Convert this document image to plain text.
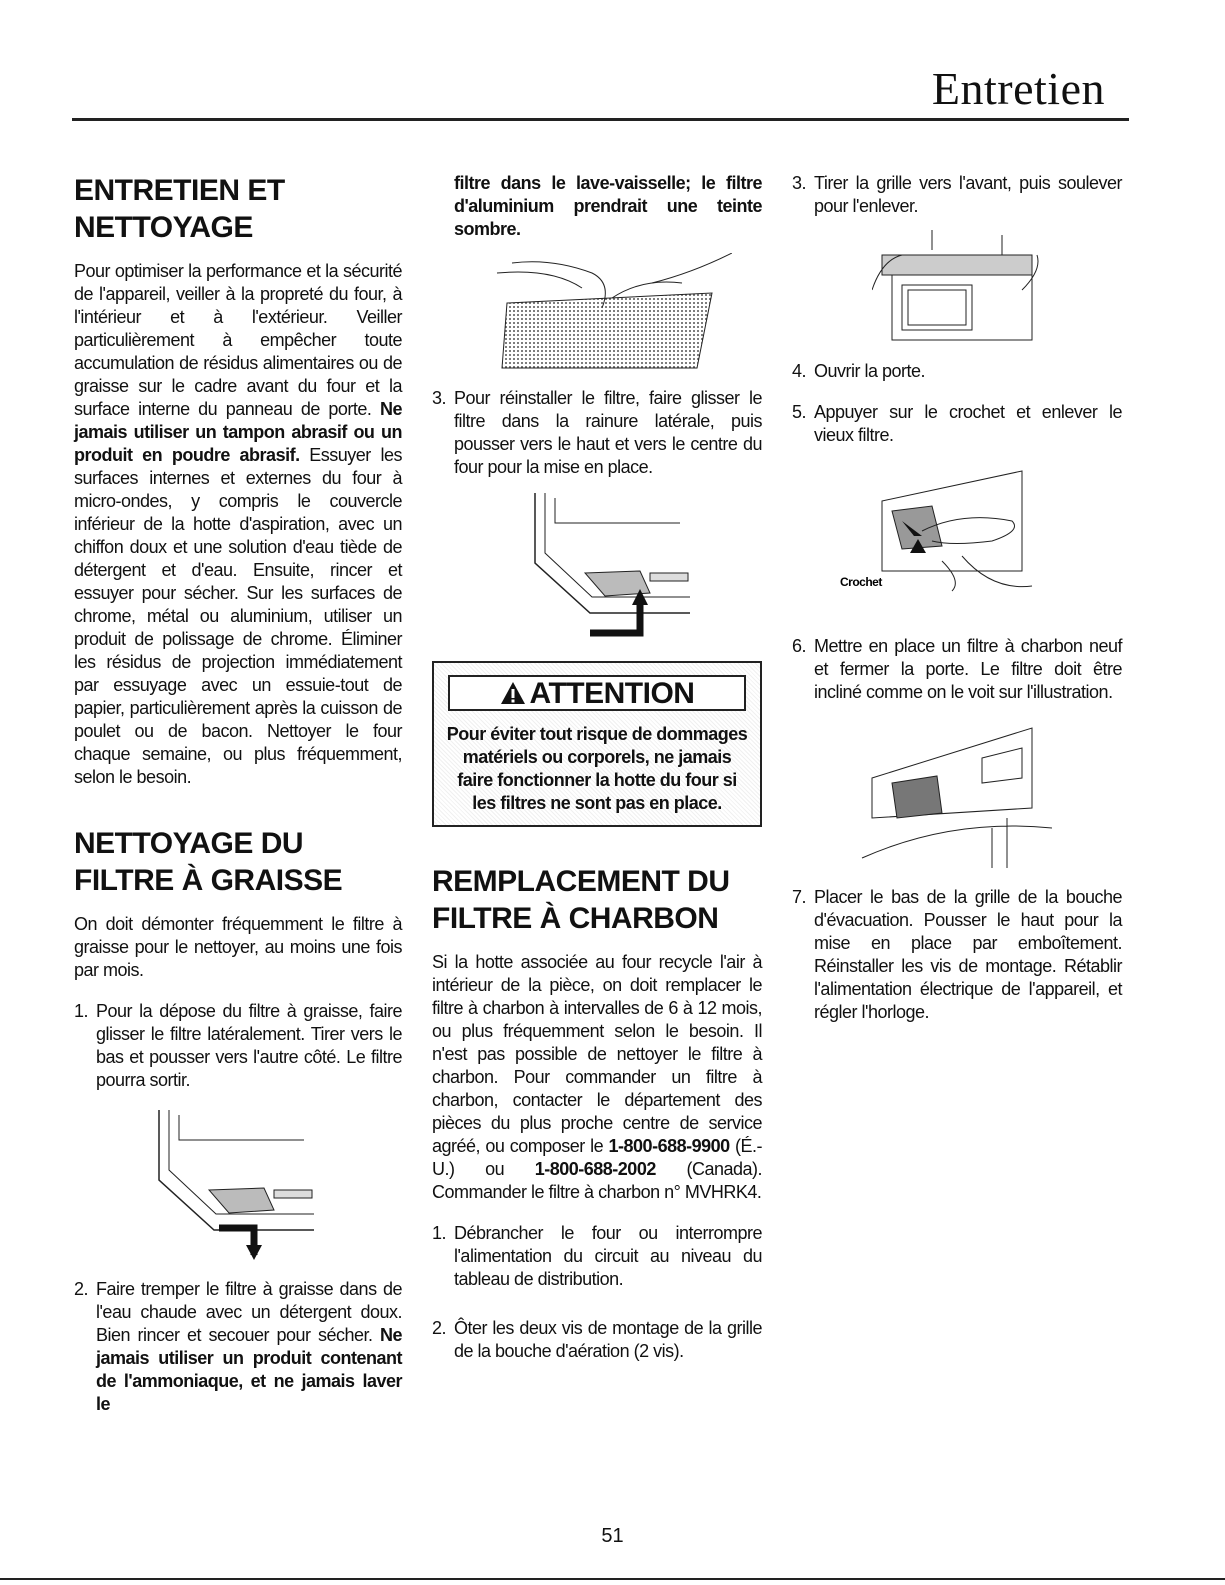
Entretien
ENTRETIEN ET NETTOYAGE

Pour optimiser la performance et la sécurité de l'appareil, veiller à la propreté du four, à l'intérieur et à l'extérieur. Veiller particulièrement à empêcher toute accumulation de résidus alimentaires ou de graisse sur le cadre avant du four et la surface interne du panneau de porte. Ne jamais utiliser un tampon abrasif ou un produit en poudre abrasif. Essuyer les surfaces internes et externes du four à micro-ondes, y compris le couvercle inférieur de la hotte d'aspiration, avec un chiffon doux et une solution d'eau tiède de détergent et d'eau. Ensuite, rincer et essuyer pour sécher. Sur les surfaces de chrome, métal ou aluminium, utiliser un produit de polissage de chrome. Éliminer les résidus de projection immédiatement par essuyage avec un essuie-tout de papier, particulièrement après la cuisson de poulet ou de bacon. Nettoyer le four chaque semaine, ou plus fréquemment, selon le besoin.

NETTOYAGE DU FILTRE À GRAISSE

On doit démonter fréquemment le filtre à graisse pour le nettoyer, au moins une fois par mois.

1. Pour la dépose du filtre à graisse, faire glisser le filtre latéralement. Tirer vers le bas et pousser vers l'autre côté. Le filtre pourra sortir.
2. Faire tremper le filtre à graisse dans de l'eau chaude avec un détergent doux. Bien rincer et secouer pour sécher. Ne jamais utiliser un produit contenant de l'ammoniaque, et ne jamais laver le

filtre dans le lave-vaisselle; le filtre d'aluminium prendrait une teinte sombre.

3. Pour réinstaller le filtre, faire glisser le filtre dans la rainure latérale, puis pousser vers le haut et vers le centre du four pour la mise en place.
ATTENTION
Pour éviter tout risque de dommages matériels ou corporels, ne jamais faire fonctionner la hotte du four si les filtres ne sont pas en place.
REMPLACEMENT DU FILTRE À CHARBON

Si la hotte associée au four recycle l'air à intérieur de la pièce, on doit remplacer le filtre à charbon à intervalles de 6 à 12 mois, ou plus fréquemment selon le besoin. Il n'est pas possible de nettoyer le filtre à charbon. Pour commander un filtre à charbon, contacter le département des pièces du plus proche centre de service agréé, ou composer le 1-800-688-9900 (É.-U.) ou 1-800-688-2002 (Canada). Commander le filtre à charbon n° MVHRK4.

1. Débrancher le four ou interrompre l'alimentation du circuit au niveau du tableau de distribution.
2. Ôter les deux vis de montage de la grille de la bouche d'aération (2 vis).
3. Tirer la grille vers l'avant, puis soulever pour l'enlever.
4. Ouvrir la porte.
5. Appuyer sur le crochet et enlever le vieux filtre.
Crochet
6. Mettre en place un filtre à charbon neuf et fermer la porte. Le filtre doit être incliné comme on le voit sur l'illustration.
7. Placer le bas de la grille de la bouche d'évacuation. Pousser le haut pour la mise en place par emboîtement. Réinstaller les vis de montage. Rétablir l'alimentation électrique de l'appareil, et régler l'horloge.
51
